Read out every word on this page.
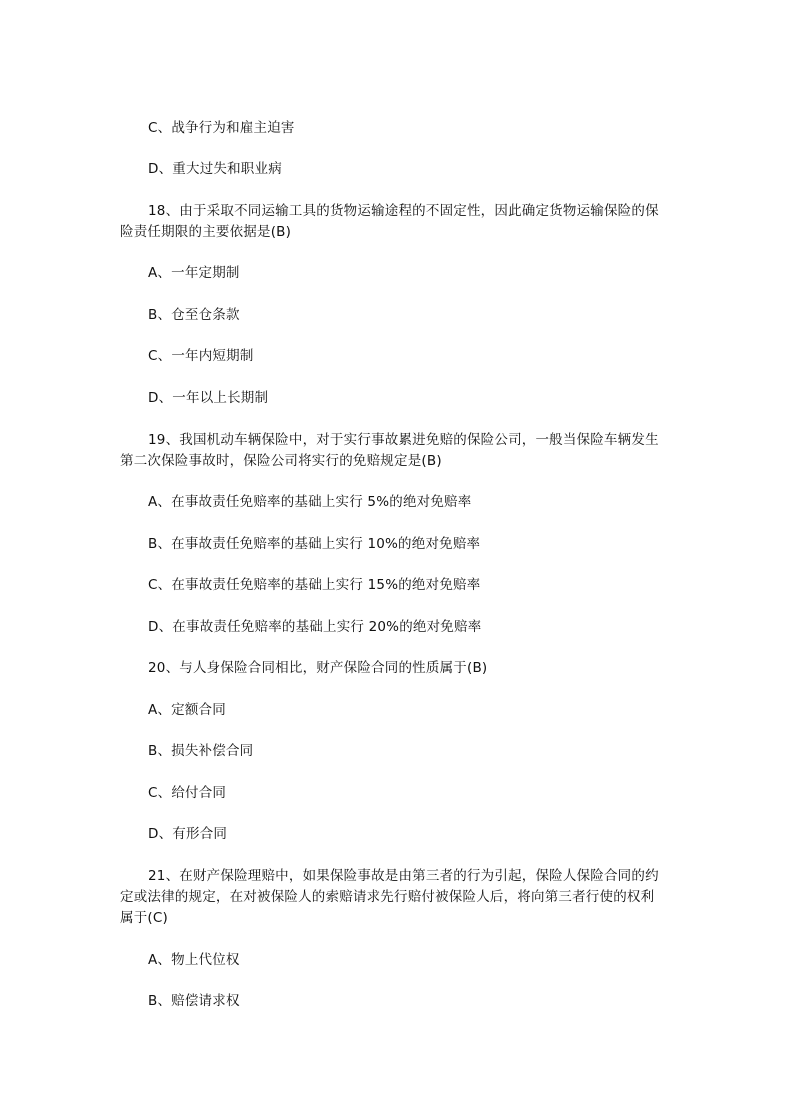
C、战争行为和雇主迫害
D、重大过失和职业病
18、由于采取不同运输工具的货物运输途程的不固定性，因此确定货物运输保险的保
险责任期限的主要依据是(B)
A、一年定期制
B、仓至仓条款
C、一年内短期制
D、一年以上长期制
19、我国机动车辆保险中，对于实行事故累进免赔的保险公司，一般当保险车辆发生
第二次保险事故时，保险公司将实行的免赔规定是(B)
A、在事故责任免赔率的基础上实行 5%的绝对免赔率
B、在事故责任免赔率的基础上实行 10%的绝对免赔率
C、在事故责任免赔率的基础上实行 15%的绝对免赔率
D、在事故责任免赔率的基础上实行 20%的绝对免赔率
20、与人身保险合同相比，财产保险合同的性质属于(B)
A、定额合同
B、损失补偿合同
C、给付合同
D、有形合同
21、在财产保险理赔中，如果保险事故是由第三者的行为引起，保险人保险合同的约
定或法律的规定，在对被保险人的索赔请求先行赔付被保险人后，将向第三者行使的权利
属于(C)
A、物上代位权
B、赔偿请求权
